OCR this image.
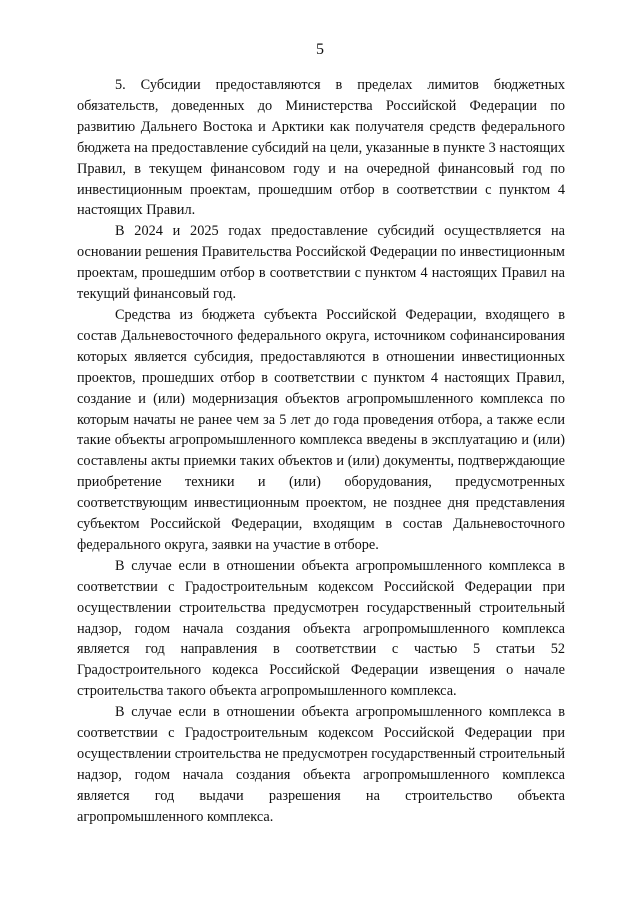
5

5. Субсидии предоставляются в пределах лимитов бюджетных обязательств, доведенных до Министерства Российской Федерации по развитию Дальнего Востока и Арктики как получателя средств федерального бюджета на предоставление субсидий на цели, указанные в пункте 3 настоящих Правил, в текущем финансовом году и на очередной финансовый год по инвестиционным проектам, прошедшим отбор в соответствии с пунктом 4 настоящих Правил.

В 2024 и 2025 годах предоставление субсидий осуществляется на основании решения Правительства Российской Федерации по инвестиционным проектам, прошедшим отбор в соответствии с пунктом 4 настоящих Правил на текущий финансовый год.

Средства из бюджета субъекта Российской Федерации, входящего в состав Дальневосточного федерального округа, источником софинансирования которых является субсидия, предоставляются в отношении инвестиционных проектов, прошедших отбор в соответствии с пунктом 4 настоящих Правил, создание и (или) модернизация объектов агропромышленного комплекса по которым начаты не ранее чем за 5 лет до года проведения отбора, а также если такие объекты агропромышленного комплекса введены в эксплуатацию и (или) составлены акты приемки таких объектов и (или) документы, подтверждающие приобретение техники и (или) оборудования, предусмотренных соответствующим инвестиционным проектом, не позднее дня представления субъектом Российской Федерации, входящим в состав Дальневосточного федерального округа, заявки на участие в отборе.

В случае если в отношении объекта агропромышленного комплекса в соответствии с Градостроительным кодексом Российской Федерации при осуществлении строительства предусмотрен государственный строительный надзор, годом начала создания объекта агропромышленного комплекса является год направления в соответствии с частью 5 статьи 52 Градостроительного кодекса Российской Федерации извещения о начале строительства такого объекта агропромышленного комплекса.

В случае если в отношении объекта агропромышленного комплекса в соответствии с Градостроительным кодексом Российской Федерации при осуществлении строительства не предусмотрен государственный строительный надзор, годом начала создания объекта агропромышленного комплекса является год выдачи разрешения на строительство объекта агропромышленного комплекса.
